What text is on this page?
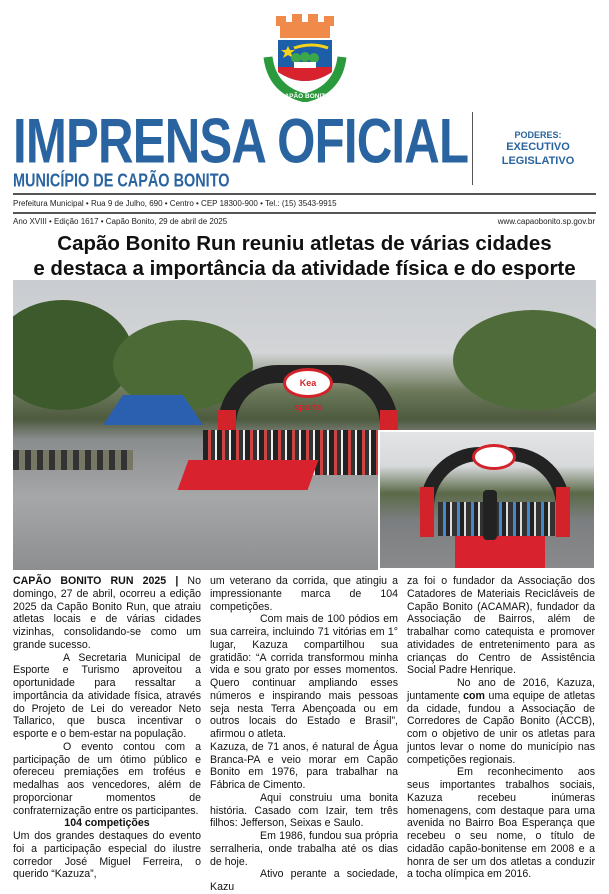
CAPÃO BONITO
IMPRENSA OFICIAL
MUNICÍPIO DE CAPÃO BONITO
PODERES:
EXECUTIVO
LEGISLATIVO
Prefeitura Municipal • Rua 9 de Julho, 690 • Centro • CEP 18300-900 • Tel.: (15) 3543-9915
Ano XVIII • Edição 1617 • Capão Bonito, 29 de abril de 2025	www.capaobonito.sp.gov.br
Capão Bonito Run reuniu atletas de várias cidades
e destaca a importância da atividade física e do esporte
Kea sports

CAPÃO BONITO RUN 2025 | No domingo, 27 de abril, ocorreu a edição 2025 da Capão Bonito Run, que atraiu atletas locais e de várias cidades vizinhas, consolidando-se como um grande sucesso.

A Secretaria Municipal de Esporte e Turismo aproveitou a oportunidade para ressaltar a importância da atividade física, através do Projeto de Lei do vereador Neto Tallarico, que busca incentivar o esporte e o bem-estar na população.

O evento contou com a participação de um ótimo público e ofereceu premiações em troféus e medalhas aos vencedores, além de proporcionar momentos de confraternização entre os participantes.

104 competições

Um dos grandes destaques do evento foi a participação especial do ilustre corredor José Miguel Ferreira, o querido “Kazuza”,

um veterano da corrida, que atingiu a impressionante marca de 104 competições.

Com mais de 100 pódios em sua carreira, incluindo 71 vitórias em 1° lugar, Kazuza compartilhou sua gratidão: “A corrida transformou minha vida e sou grato por esses momentos. Quero continuar ampliando esses números e inspirando mais pessoas seja nesta Terra Abençoada ou em outros locais do Estado e Brasil”, afirmou o atleta.

Kazuza, de 71 anos, é natural de Água Branca-PA e veio morar em Capão Bonito em 1976, para trabalhar na Fábrica de Cimento.

Aqui construiu uma bonita história. Casado com Izair, tem três filhos: Jefferson, Seixas e Saulo.

Em 1986, fundou sua própria serralheria, onde trabalha até os dias de hoje.

Ativo perante a sociedade, Kazu

za foi o fundador da Associação dos Catadores de Materiais Recicláveis de Capão Bonito (ACAMAR), fundador da Associação de Bairros, além de trabalhar como catequista e promover atividades de entretenimento para as crianças do Centro de Assistência Social Padre Henrique.

No ano de 2016, Kazuza, juntamente com uma equipe de atletas da cidade, fundou a Associação de Corredores de Capão Bonito (ACCB), com o objetivo de unir os atletas para juntos levar o nome do município nas competições regionais.

Em reconhecimento aos seus importantes trabalhos sociais, Kazuza recebeu inúmeras homenagens, com destaque para uma avenida no Bairro Boa Esperança que recebeu o seu nome, o título de cidadão capão-bonitense em 2008 e a honra de ser um dos atletas a conduzir a tocha olímpica em 2016.
